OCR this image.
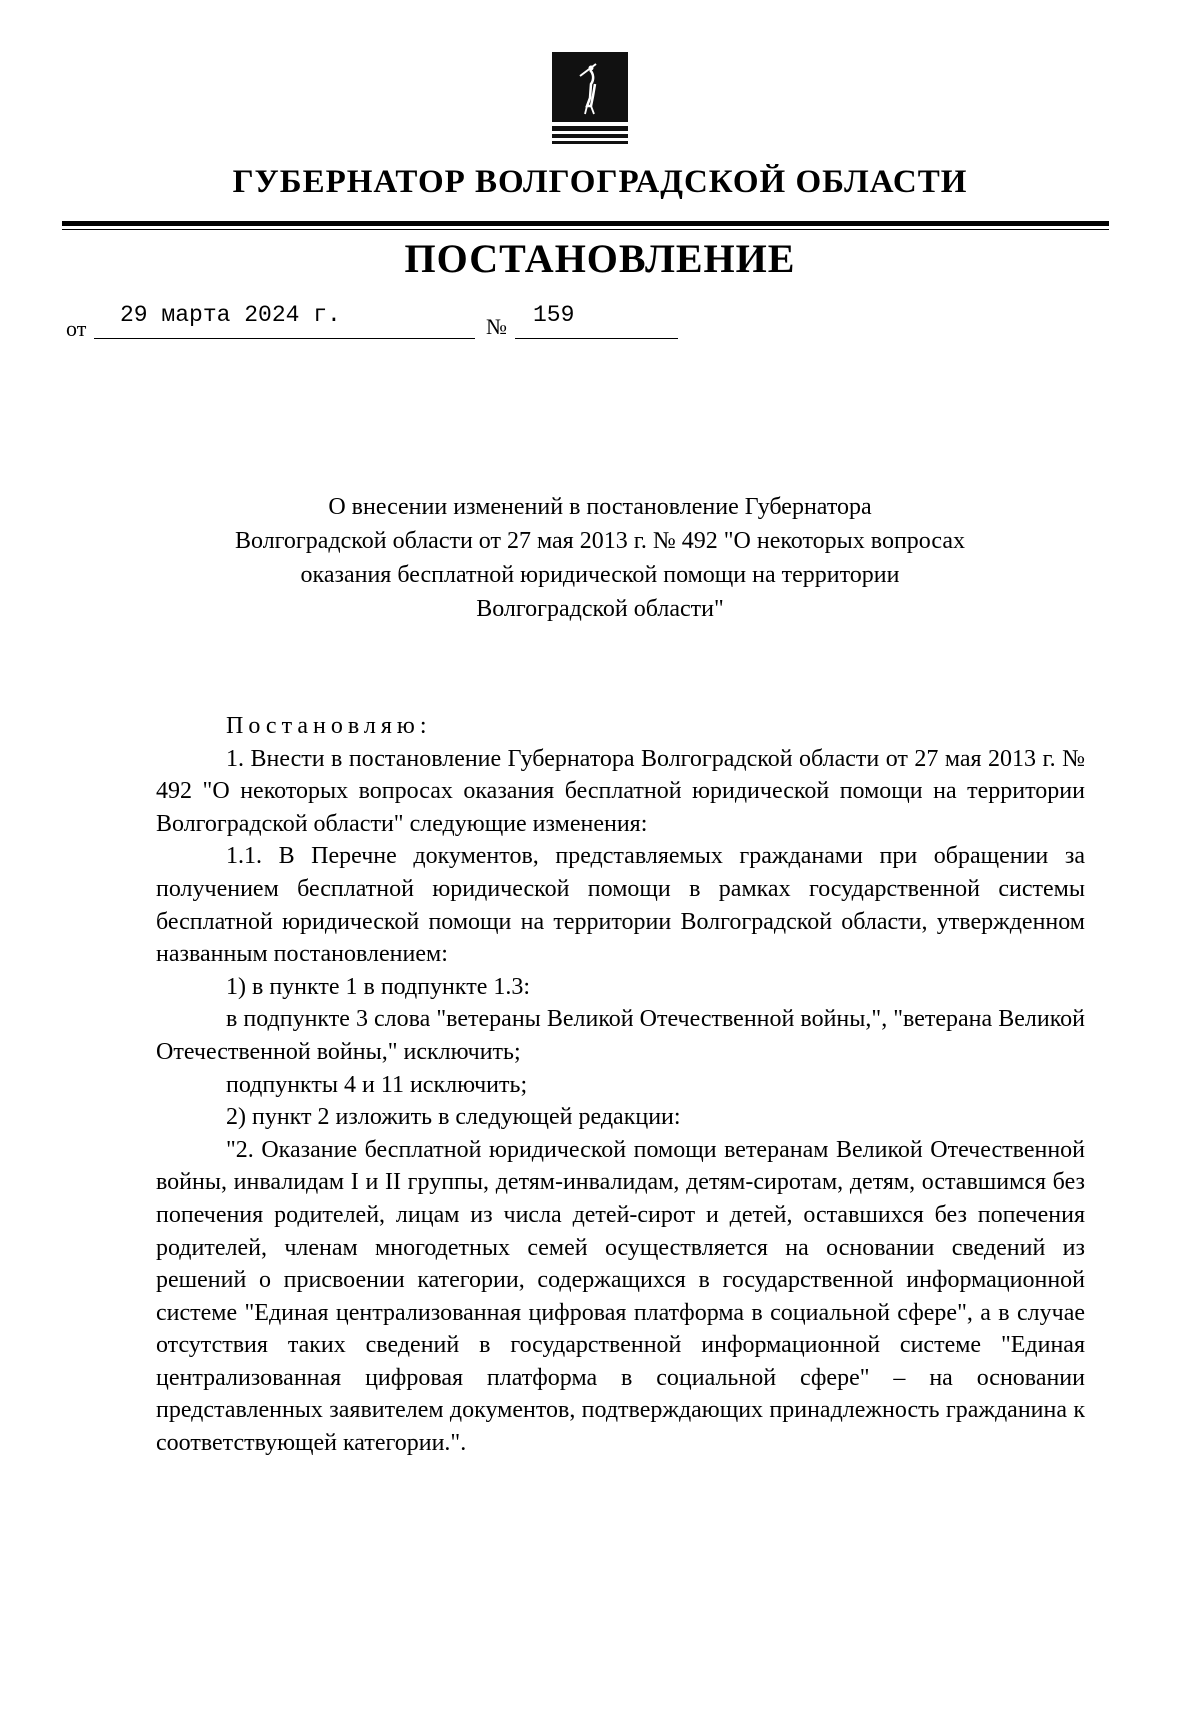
ГУБЕРНАТОР ВОЛГОГРАДСКОЙ ОБЛАСТИ
ПОСТАНОВЛЕНИЕ
от
29 марта 2024 г.	№ 159
О внесении изменений в постановление Губернатора
Волгоградской области от 27 мая 2013 г. № 492 "О некоторых вопросах
оказания бесплатной юридической помощи на территории
Волгоградской области"

Постановляю:

1. Внести в постановление Губернатора Волгоградской области от 27 мая 2013 г. № 492 "О некоторых вопросах оказания бесплатной юридической помощи на территории Волгоградской области" следующие изменения:

1.1. В Перечне документов, представляемых гражданами при обращении за получением бесплатной юридической помощи в рамках государственной системы бесплатной юридической помощи на территории Волгоградской области, утвержденном названным постановлением:

1) в пункте 1 в подпункте 1.3:

в подпункте 3 слова "ветераны Великой Отечественной войны,", "ветерана Великой Отечественной войны," исключить;

подпункты 4 и 11 исключить;

2) пункт 2 изложить в следующей редакции:

"2. Оказание бесплатной юридической помощи ветеранам Великой Отечественной войны, инвалидам I и II группы, детям-инвалидам, детям-сиротам, детям, оставшимся без попечения родителей, лицам из числа детей-сирот и детей, оставшихся без попечения родителей, членам многодетных семей осуществляется на основании сведений из решений о присвоении категории, содержащихся в государственной информационной системе "Единая централизованная цифровая платформа в социальной сфере", а в случае отсутствия таких сведений в государственной информационной системе "Единая централизованная цифровая платформа в социальной сфере" – на основании представленных заявителем документов, подтверждающих принадлежность гражданина к соответствующей категории.".
